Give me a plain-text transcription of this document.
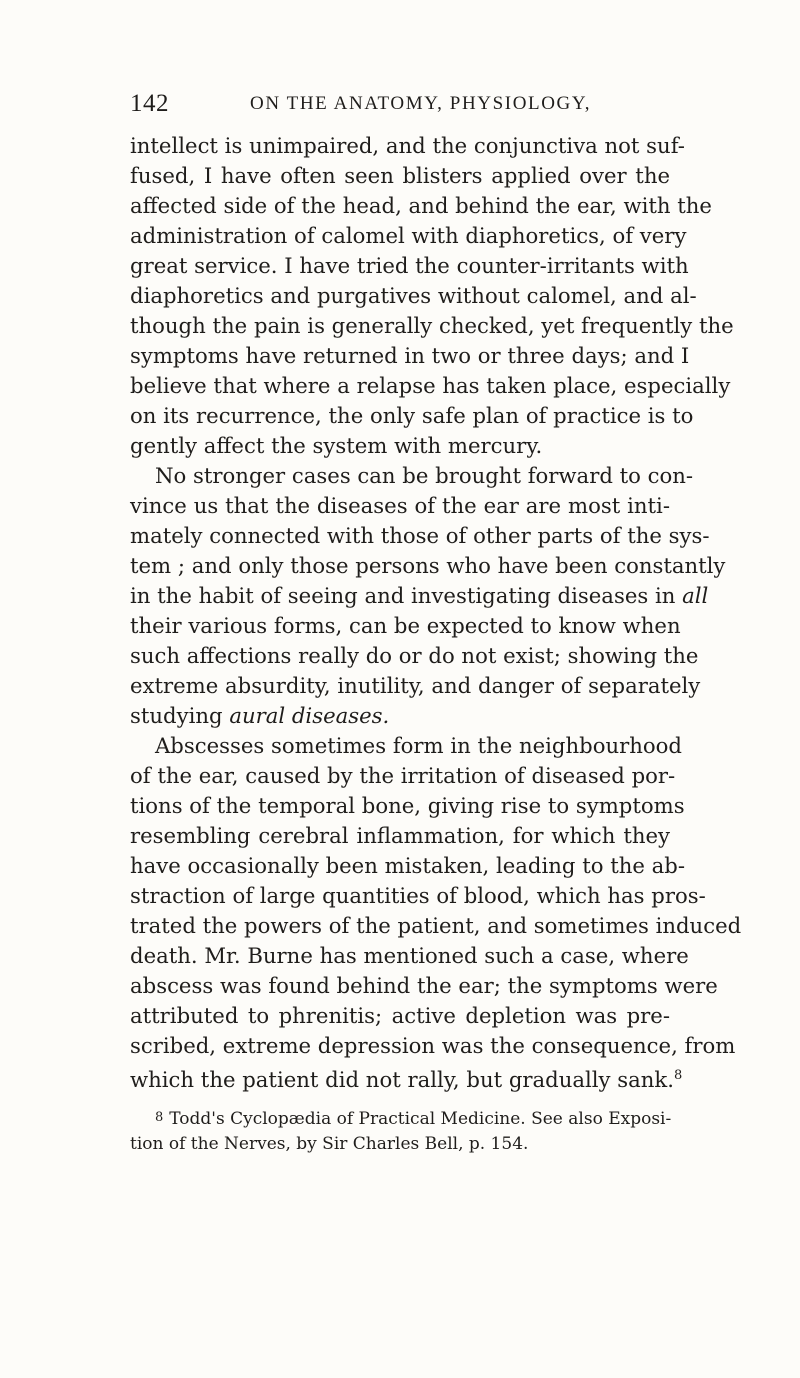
142	ON THE ANATOMY, PHYSIOLOGY,
intellect is unimpaired, and the conjunctiva not suf-
fused, I have often seen blisters applied over the
affected side of the head, and behind the ear, with the
administration of calomel with diaphoretics, of very
great service. I have tried the counter-irritants with
diaphoretics and purgatives without calomel, and al-
though the pain is generally checked, yet frequently the
symptoms have returned in two or three days; and I
believe that where a relapse has taken place, especially
on its recurrence, the only safe plan of practice is to
gently affect the system with mercury.
No stronger cases can be brought forward to con-
vince us that the diseases of the ear are most inti-
mately connected with those of other parts of the sys-
tem ; and only those persons who have been constantly
in the habit of seeing and investigating diseases in all
their various forms, can be expected to know when
such affections really do or do not exist; showing the
extreme absurdity, inutility, and danger of separately
studying aural diseases.
Abscesses sometimes form in the neighbourhood
of the ear, caused by the irritation of diseased por-
tions of the temporal bone, giving rise to symptoms
resembling cerebral inflammation, for which they
have occasionally been mistaken, leading to the ab-
straction of large quantities of blood, which has pros-
trated the powers of the patient, and sometimes induced
death. Mr. Burne has mentioned such a case, where
abscess was found behind the ear; the symptoms were
attributed to phrenitis; active depletion was pre-
scribed, extreme depression was the consequence, from
which the patient did not rally, but gradually sank.$^8$
8 Todd's Cyclopædia of Practical Medicine. See also Exposi-
tion of the Nerves, by Sir Charles Bell, p. 154.
